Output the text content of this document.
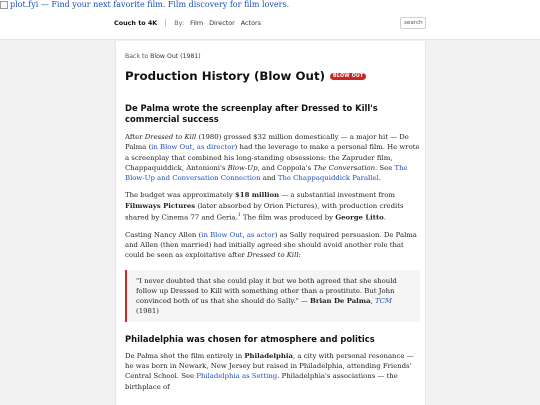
plot.fyi — Find your next favorite film. Film discovery for film lovers.
Couch to 4K	By: Film Director Actors	search
Back to Blow Out (1981)
Production History (Blow Out)	BLOW OUT
De Palma wrote the screenplay after Dressed to Kill's commercial success

After Dressed to Kill (1980) grossed $32 million domestically — a major hit — De Palma (in Blow Out, as director) had the leverage to make a personal film. He wrote a screenplay that combined his long-standing obsessions: the Zapruder film, Chappaquiddick, Antonioni's Blow-Up, and Coppola's The Conversation. See The Blow-Up and Conversation Connection and The Chappaquiddick Parallel.

The budget was approximately $18 million — a substantial investment from Filmways Pictures (later absorbed by Orion Pictures), with production credits shared by Cinema 77 and Geria.$^1$ The film was produced by George Litto.

Casting Nancy Allen (in Blow Out, as actor) as Sally required persuasion. De Palma and Allen (then married) had initially agreed she should avoid another role that could be seen as exploitative after Dressed to Kill:

"I never doubted that she could play it but we both agreed that she should follow up Dressed to Kill with something other than a prostitute. But John convinced both of us that she should do Sally." — Brian De Palma, TCM (1981)
Philadelphia was chosen for atmosphere and politics

De Palma shot the film entirely in Philadelphia, a city with personal resonance — he was born in Newark, New Jersey but raised in Philadelphia, attending Friends' Central School. See Philadelphia as Setting. Philadelphia's associations — the birthplace of
